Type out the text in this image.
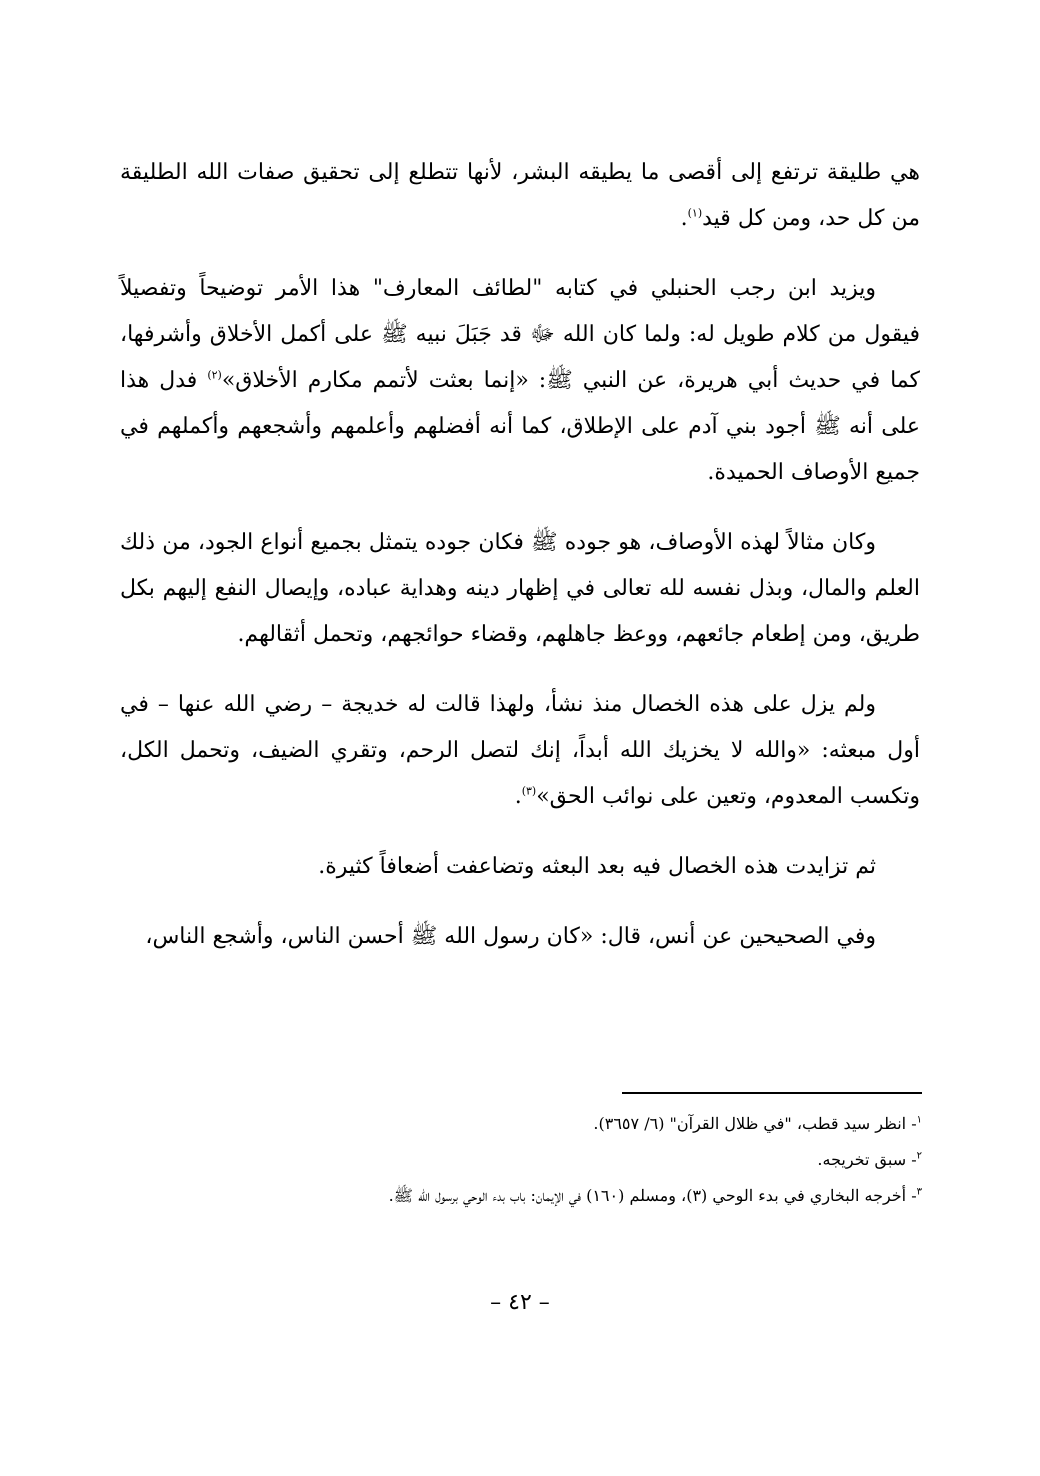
هي طليقة ترتفع إلى أقصى ما يطيقه البشر، لأنها تتطلع إلى تحقيق صفات الله الطليقة من كل حد، ومن كل قيد$^{(١)}$.

ويزيد ابن رجب الحنبلي في كتابه "لطائف المعارف" هذا الأمر توضيحاً وتفصيلاً فيقول من كلام طويل له: ولما كان الله ﷻ قد جَبَلَ نبيه ﷺ على أكمل الأخلاق وأشرفها، كما في حديث أبي هريرة، عن النبي ﷺ: «إنما بعثت لأتمم مكارم الأخلاق»$^{(٢)}$ فدل هذا على أنه ﷺ أجود بني آدم على الإطلاق، كما أنه أفضلهم وأعلمهم وأشجعهم وأكملهم في جميع الأوصاف الحميدة.

وكان مثالاً لهذه الأوصاف، هو جوده ﷺ فكان جوده يتمثل بجميع أنواع الجود، من ذلك العلم والمال، وبذل نفسه لله تعالى في إظهار دينه وهداية عباده، وإيصال النفع إليهم بكل طريق، ومن إطعام جائعهم، ووعظ جاهلهم، وقضاء حوائجهم، وتحمل أثقالهم.

ولم يزل على هذه الخصال منذ نشأ، ولهذا قالت له خديجة – رضي الله عنها – في أول مبعثه: «والله لا يخزيك الله أبداً، إنك لتصل الرحم، وتقري الضيف، وتحمل الكل، وتكسب المعدوم، وتعين على نوائب الحق»$^{(٣)}$.

ثم تزايدت هذه الخصال فيه بعد البعثه وتضاعفت أضعافاً كثيرة.

وفي الصحيحين عن أنس، قال: «كان رسول الله ﷺ أحسن الناس، وأشجع الناس،

$^١$- انظر سيد قطب، "في ظلال القرآن" (٦/ ٣٦٥٧).

$^٢$- سبق تخريجه.

$^٣$- أخرجه البخاري في بدء الوحي (٣)، ومسلم (١٦٠) في الإيمان: باب بدء الوحي برسول الله ﷺ.

– ٤٢ –
